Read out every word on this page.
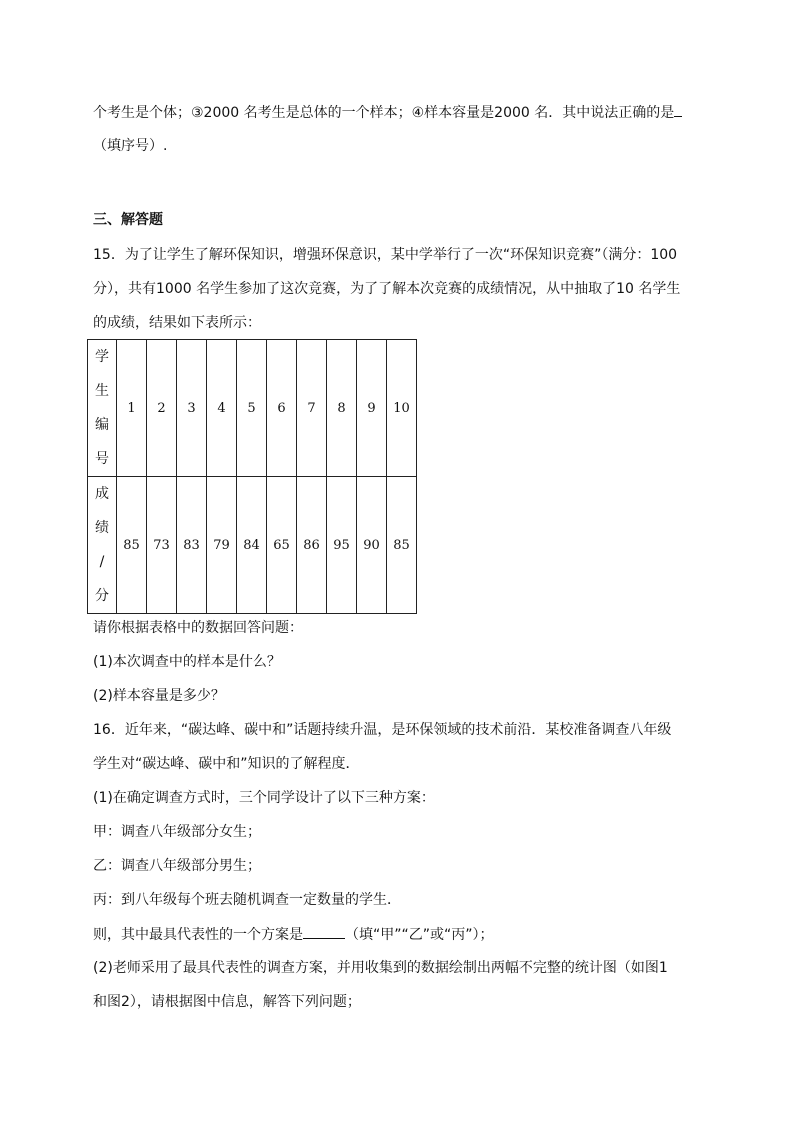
个考生是个体；③2000 名考生是总体的一个样本；④样本容量是2000 名．其中说法正确的是
（填序号）.
三、解答题
15．为了让学生了解环保知识，增强环保意识，某中学举行了一次“环保知识竞赛”（满分：100
分），共有1000 名学生参加了这次竞赛，为了了解本次竞赛的成绩情况，从中抽取了10 名学生
的成绩，结果如下表所示：
学
生
编
号	1	2	3	4	5	6	7	8	9	10

成
绩
/
分	85	73	83	79	84	65	86	95	90	85
请你根据表格中的数据回答问题：
(1)本次调查中的样本是什么？
(2)样本容量是多少？
16．近年来，“碳达峰、碳中和”话题持续升温，是环保领域的技术前沿．某校准备调查八年级
学生对“碳达峰、碳中和”知识的了解程度．
(1)在确定调查方式时，三个同学设计了以下三种方案：
甲：调查八年级部分女生；
乙：调查八年级部分男生；
丙：到八年级每个班去随机调查一定数量的学生．
则，其中最具代表性的一个方案是	（填“甲”“乙”或“丙”）；
(2)老师采用了最具代表性的调查方案，并用收集到的数据绘制出两幅不完整的统计图（如图1
和图2），请根据图中信息，解答下列问题；
